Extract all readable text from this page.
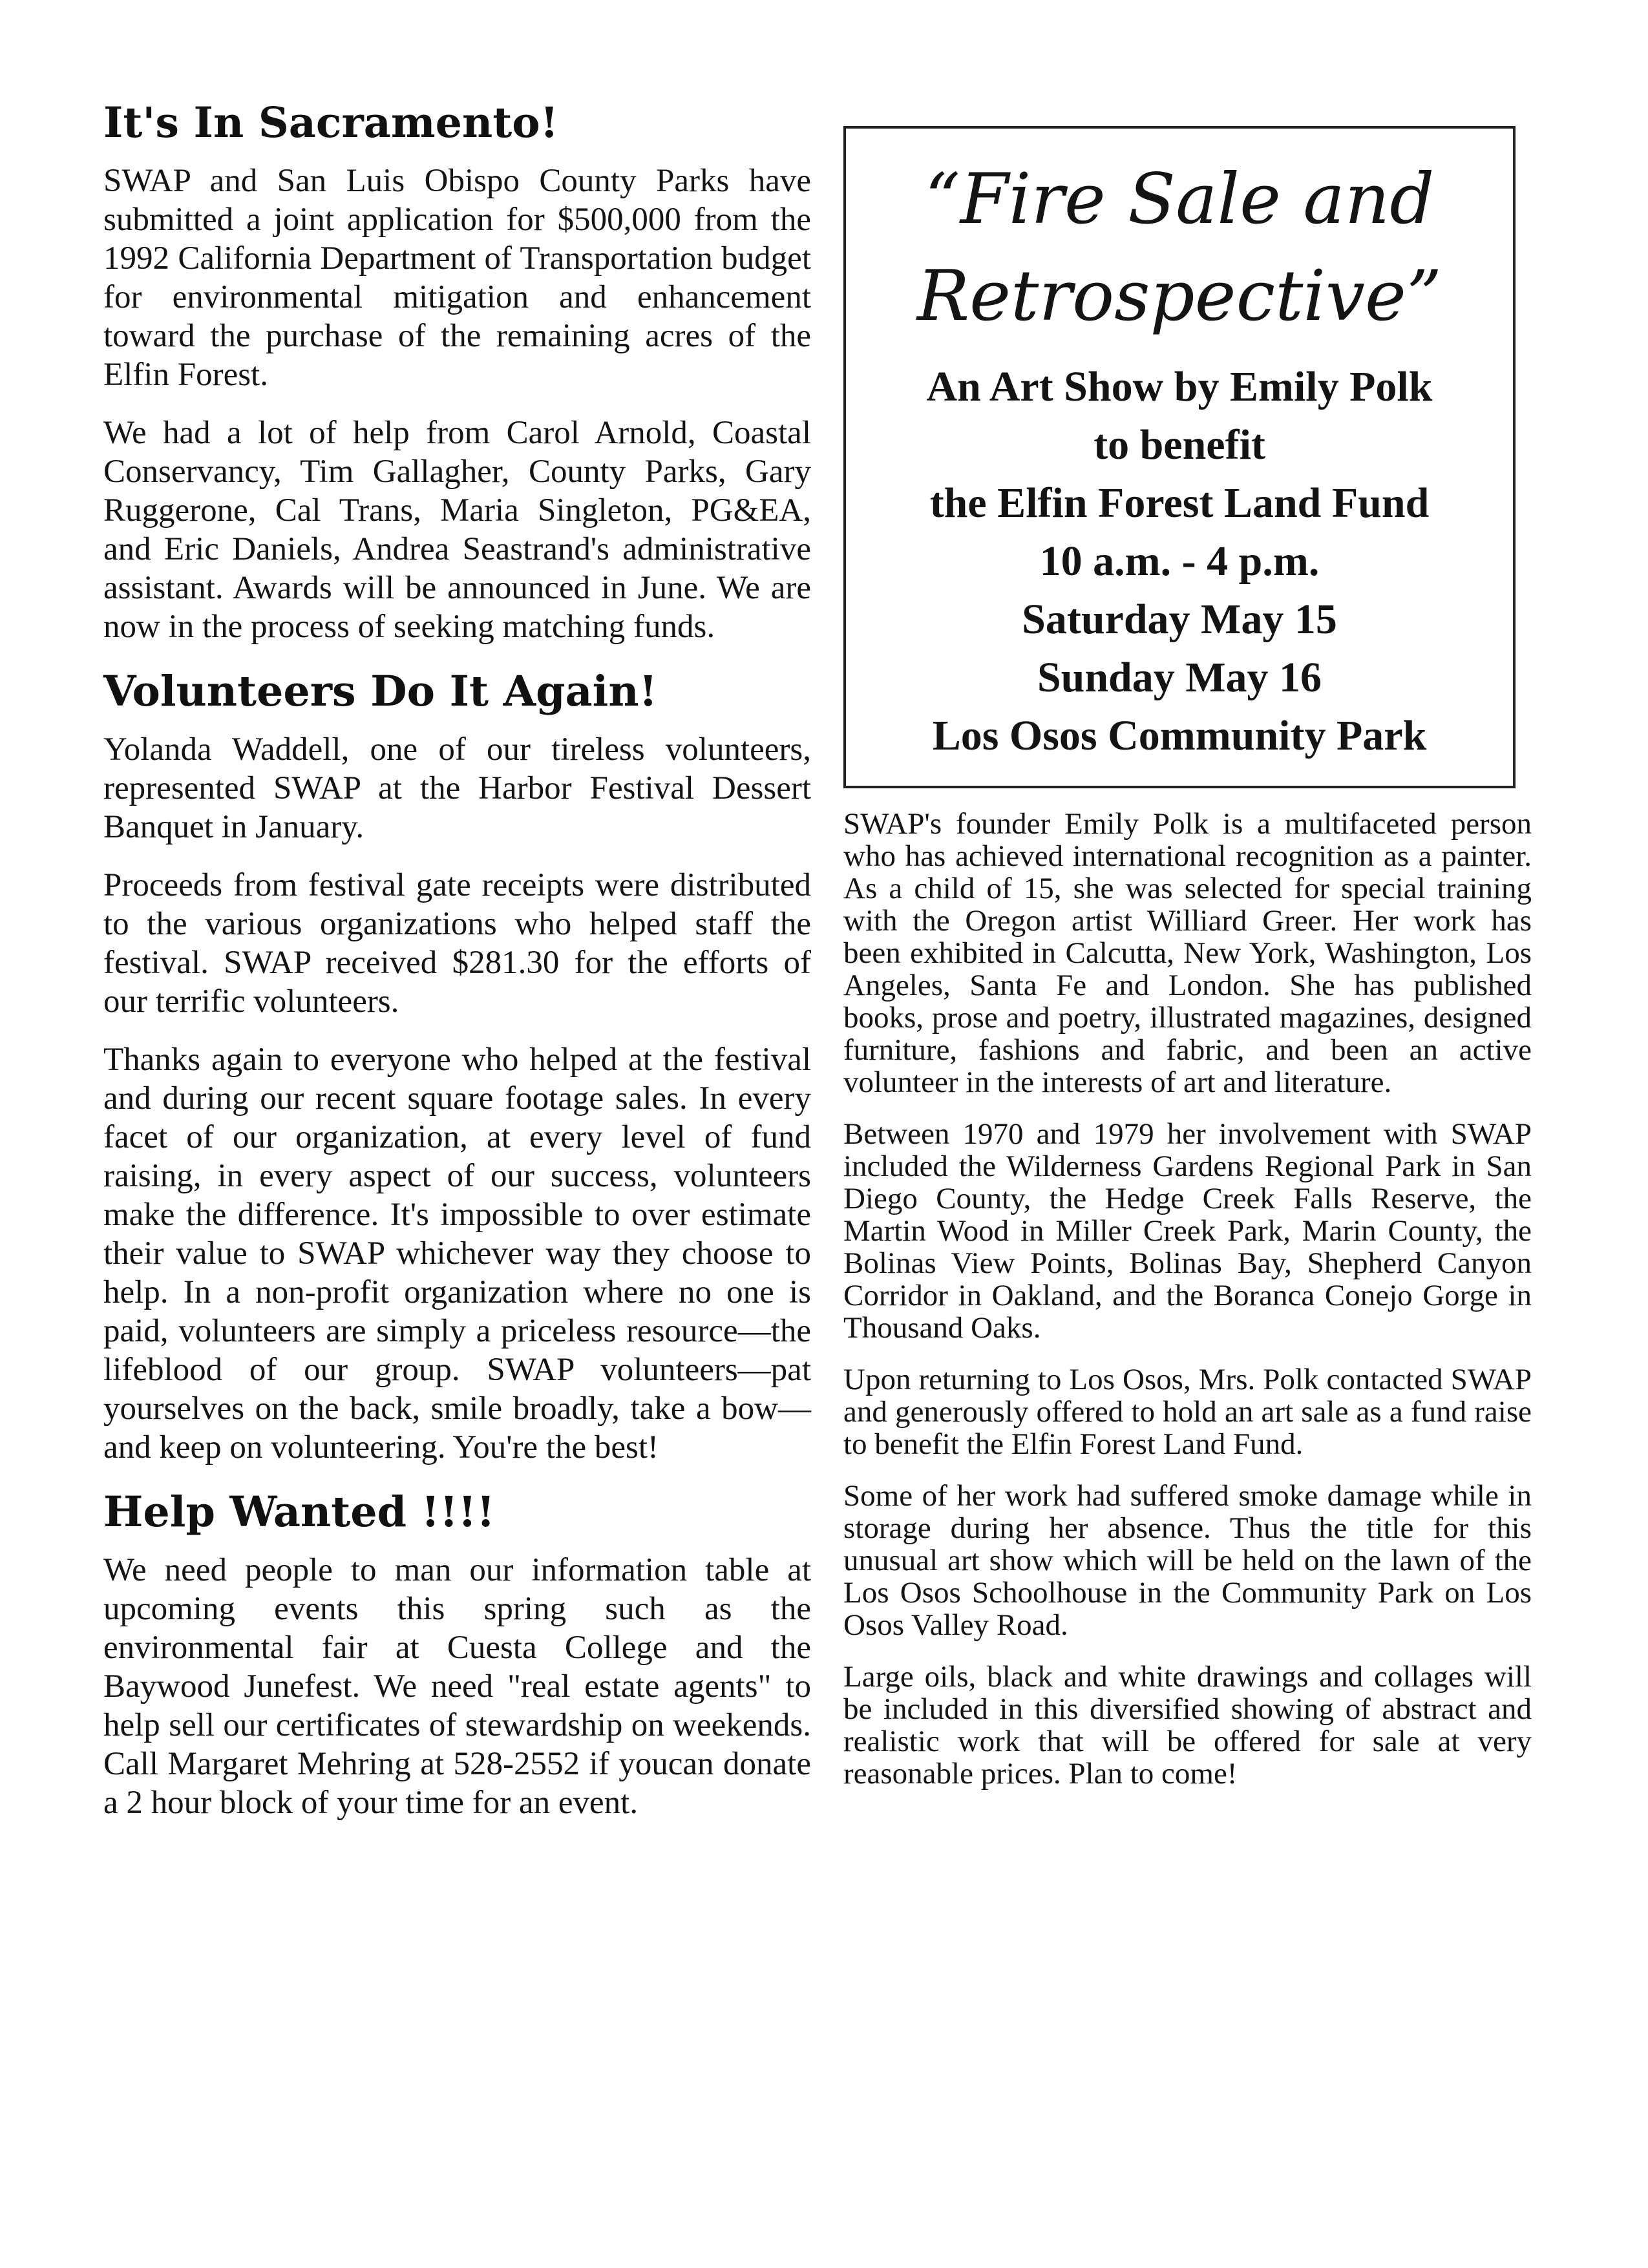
It's In Sacramento!

SWAP and San Luis Obispo County Parks have submitted a joint application for $500,000 from the 1992 California Department of Transportation budget for environmental mitigation and enhancement toward the purchase of the remaining acres of the Elfin Forest.

We had a lot of help from Carol Arnold, Coastal Conservancy, Tim Gallagher, County Parks, Gary Ruggerone, Cal Trans, Maria Singleton, PG&EA, and Eric Daniels, Andrea Seastrand's administrative assistant. Awards will be announced in June. We are now in the process of seeking matching funds.

Volunteers Do It Again!

Yolanda Waddell, one of our tireless volunteers, represented SWAP at the Harbor Festival Dessert Banquet in January.

Proceeds from festival gate receipts were distributed to the various organizations who helped staff the festival. SWAP received $281.30 for the efforts of our terrific volunteers.

Thanks again to everyone who helped at the festival and during our recent square footage sales. In every facet of our organization, at every level of fund raising, in every aspect of our success, volunteers make the difference. It's impossible to over estimate their value to SWAP whichever way they choose to help. In a non-profit organization where no one is paid, volunteers are simply a priceless resource—the lifeblood of our group. SWAP volunteers—pat yourselves on the back, smile broadly, take a bow—and keep on volunteering. You're the best!

Help Wanted !!!!

We need people to man our information table at upcoming events this spring such as the environmental fair at Cuesta College and the Baywood Junefest. We need "real estate agents" to help sell our certificates of stewardship on weekends. Call Margaret Mehring at 528-2552 if youcan donate a 2 hour block of your time for an event.

“Fire Sale and
Retrospective”
An Art Show by Emily Polk
to benefit
the Elfin Forest Land Fund
10 a.m. - 4 p.m.
Saturday May 15
Sunday May 16
Los Osos Community Park

SWAP's founder Emily Polk is a multifaceted person who has achieved international recognition as a painter. As a child of 15, she was selected for special training with the Oregon artist Williard Greer. Her work has been exhibited in Calcutta, New York, Washington, Los Angeles, Santa Fe and London. She has published books, prose and poetry, illustrated magazines, designed furniture, fashions and fabric, and been an active volunteer in the interests of art and literature.

Between 1970 and 1979 her involvement with SWAP included the Wilderness Gardens Regional Park in San Diego County, the Hedge Creek Falls Reserve, the Martin Wood in Miller Creek Park, Marin County, the Bolinas View Points, Bolinas Bay, Shepherd Canyon Corridor in Oakland, and the Boranca Conejo Gorge in Thousand Oaks.

Upon returning to Los Osos, Mrs. Polk contacted SWAP and generously offered to hold an art sale as a fund raise to benefit the Elfin Forest Land Fund.

Some of her work had suffered smoke damage while in storage during her absence. Thus the title for this unusual art show which will be held on the lawn of the Los Osos Schoolhouse in the Community Park on Los Osos Valley Road.

Large oils, black and white drawings and collages will be included in this diversified showing of abstract and realistic work that will be offered for sale at very reasonable prices. Plan to come!
